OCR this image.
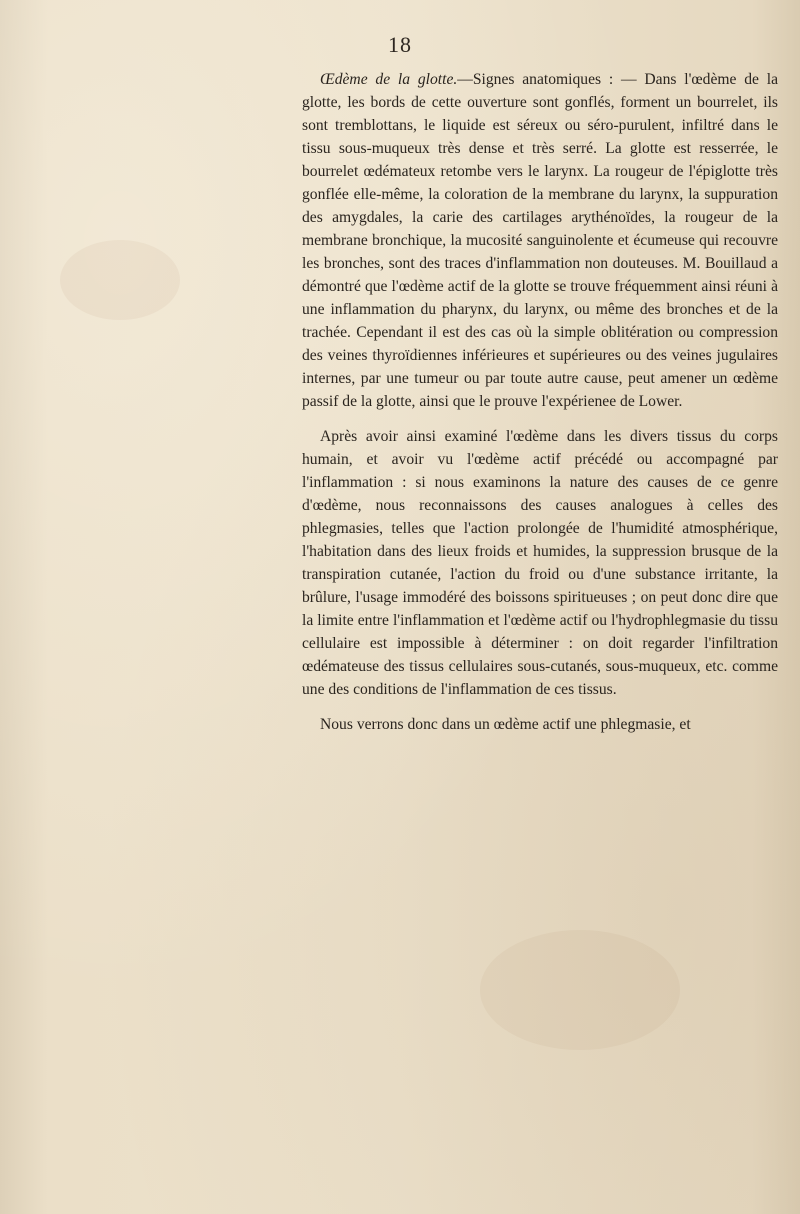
18

Œdème de la glotte.—Signes anatomiques : — Dans l'œdème de la glotte, les bords de cette ouverture sont gonflés, forment un bourrelet, ils sont tremblottans, le liquide est séreux ou séro-purulent, infiltré dans le tissu sous-muqueux très dense et très serré. La glotte est resserrée, le bourrelet œdémateux retombe vers le larynx. La rougeur de l'épiglotte très gonflée elle-même, la coloration de la membrane du larynx, la suppuration des amygdales, la carie des cartilages arythénoïdes, la rougeur de la membrane bronchique, la mucosité sanguinolente et écumeuse qui recouvre les bronches, sont des traces d'inflammation non douteuses. M. Bouillaud a démontré que l'œdème actif de la glotte se trouve fréquemment ainsi réuni à une inflammation du pharynx, du larynx, ou même des bronches et de la trachée. Cependant il est des cas où la simple oblitération ou compression des veines thyroïdiennes inférieures et supérieures ou des veines jugulaires internes, par une tumeur ou par toute autre cause, peut amener un œdème passif de la glotte, ainsi que le prouve l'expérienee de Lower.

Après avoir ainsi examiné l'œdème dans les divers tissus du corps humain, et avoir vu l'œdème actif précédé ou accompagné par l'inflammation : si nous examinons la nature des causes de ce genre d'œdème, nous reconnaissons des causes analogues à celles des phlegmasies, telles que l'action prolongée de l'humidité atmosphérique, l'habitation dans des lieux froids et humides, la suppression brusque de la transpiration cutanée, l'action du froid ou d'une substance irritante, la brûlure, l'usage immodéré des boissons spiritueuses ; on peut donc dire que la limite entre l'inflammation et l'œdème actif ou l'hydrophlegmasie du tissu cellulaire est impossible à déterminer : on doit regarder l'infiltration œdémateuse des tissus cellulaires sous-cutanés, sous-muqueux, etc. comme une des conditions de l'inflammation de ces tissus.

Nous verrons donc dans un œdème actif une phlegmasie, et
